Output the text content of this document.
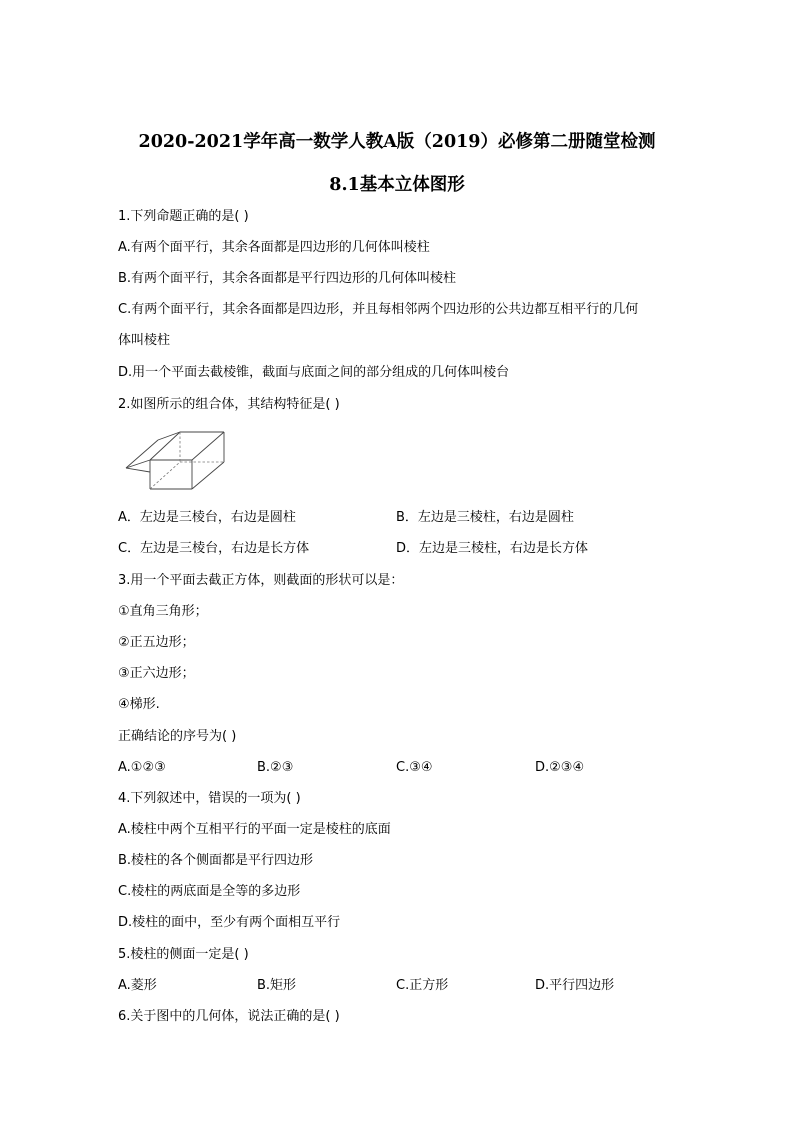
2020-2021学年高一数学人教A版（2019）必修第二册随堂检测
8.1基本立体图形
1.下列命题正确的是( )
A.有两个面平行，其余各面都是四边形的几何体叫棱柱
B.有两个面平行，其余各面都是平行四边形的几何体叫棱柱
C.有两个面平行，其余各面都是四边形，并且每相邻两个四边形的公共边都互相平行的几何
体叫棱柱
D.用一个平面去截棱锥，截面与底面之间的部分组成的几何体叫棱台
2.如图所示的组合体，其结构特征是( )
A．左边是三棱台，右边是圆柱	B．左边是三棱柱，右边是圆柱
C．左边是三棱台，右边是长方体	D．左边是三棱柱，右边是长方体
3.用一个平面去截正方体，则截面的形状可以是：
①直角三角形；
②正五边形；
③正六边形；
④梯形.
正确结论的序号为( )
A.①②③	B.②③	C.③④	D.②③④
4.下列叙述中，错误的一项为( )
A.棱柱中两个互相平行的平面一定是棱柱的底面
B.棱柱的各个侧面都是平行四边形
C.棱柱的两底面是全等的多边形
D.棱柱的面中，至少有两个面相互平行
5.棱柱的侧面一定是( )
A.菱形	B.矩形	C.正方形	D.平行四边形
6.关于图中的几何体，说法正确的是( )
